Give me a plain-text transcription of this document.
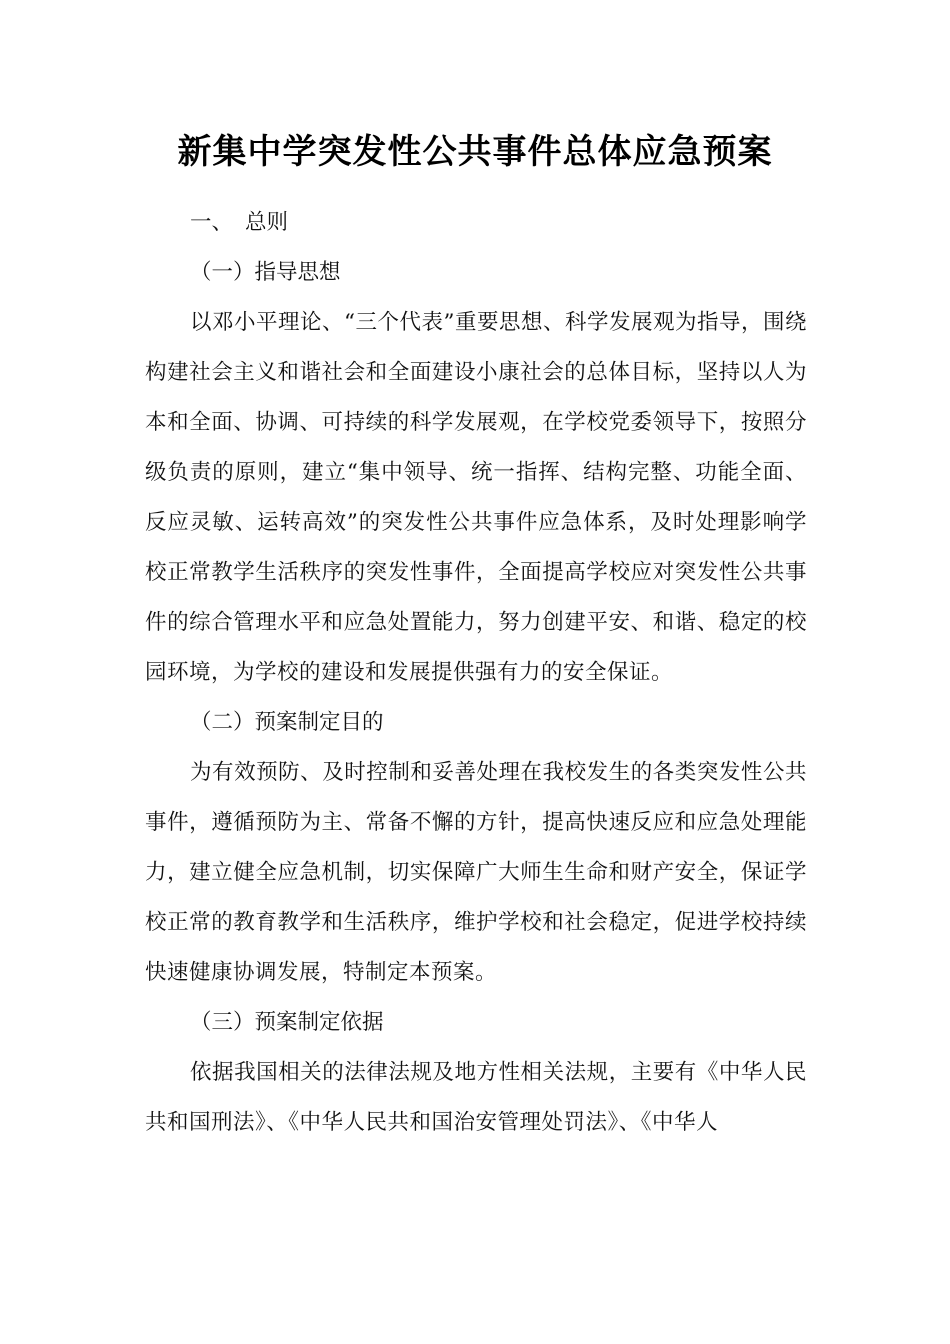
新集中学突发性公共事件总体应急预案

一、 总则

（一）指导思想

以邓小平理论、“三个代表”重要思想、科学发展观为指导，围绕构建社会主义和谐社会和全面建设小康社会的总体目标，坚持以人为本和全面、协调、可持续的科学发展观，在学校党委领导下，按照分级负责的原则，建立“集中领导、统一指挥、结构完整、功能全面、反应灵敏、运转高效”的突发性公共事件应急体系，及时处理影响学校正常教学生活秩序的突发性事件，全面提高学校应对突发性公共事件的综合管理水平和应急处置能力，努力创建平安、和谐、稳定的校园环境，为学校的建设和发展提供强有力的安全保证。

（二）预案制定目的

为有效预防、及时控制和妥善处理在我校发生的各类突发性公共事件，遵循预防为主、常备不懈的方针，提高快速反应和应急处理能力，建立健全应急机制，切实保障广大师生生命和财产安全，保证学校正常的教育教学和生活秩序，维护学校和社会稳定，促进学校持续快速健康协调发展，特制定本预案。

（三）预案制定依据

依据我国相关的法律法规及地方性相关法规，主要有《中华人民共和国刑法》、《中华人民共和国治安管理处罚法》、《中华人
